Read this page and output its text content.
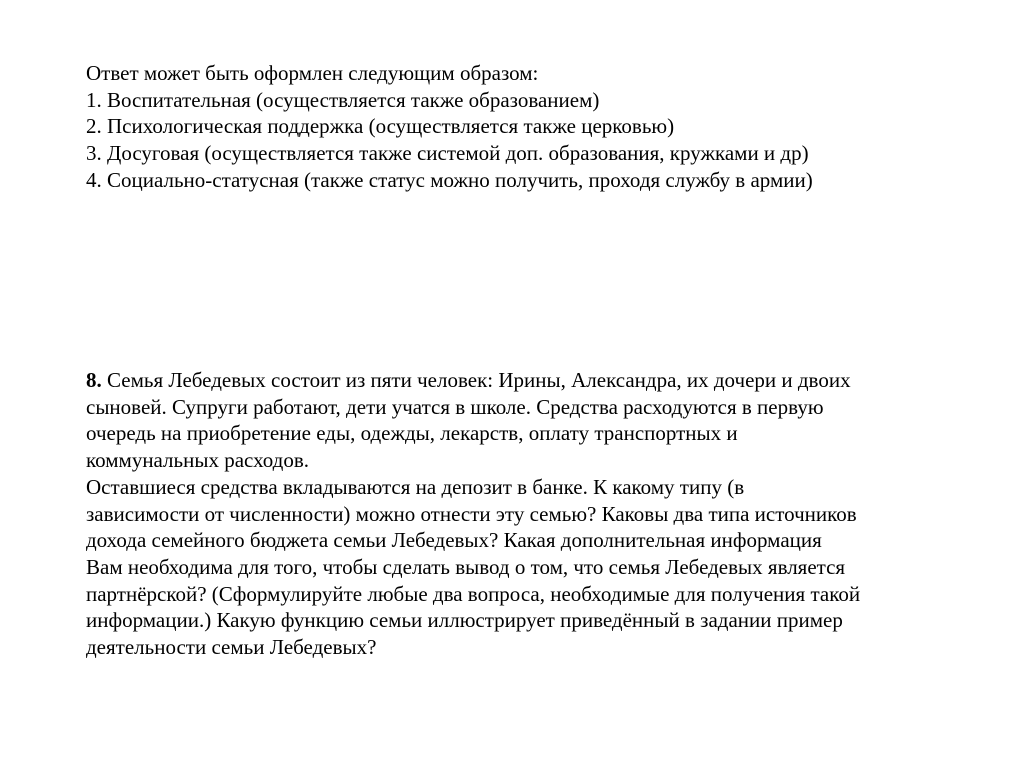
Ответ может быть оформлен следующим образом:
1. Воспитательная (осуществляется также образованием)
2. Психологическая поддержка (осуществляется также церковью)
3. Досуговая (осуществляется также системой доп. образования, кружками и др)
4. Социально-статусная (также статус можно получить, проходя службу в армии)
8. Семья Лебедевых состоит из пяти человек: Ирины, Александра, их дочери и двоих
сыновей. Супруги работают, дети учатся в школе. Средства расходуются в первую
очередь на приобретение еды, одежды, лекарств, оплату транспортных и
коммунальных расходов.
Оставшиеся средства вкладываются на депозит в банке. К какому типу (в
зависимости от численности) можно отнести эту семью? Каковы два типа источников
дохода семейного бюджета семьи Лебедевых? Какая дополнительная информация
Вам необходима для того, чтобы сделать вывод о том, что семья Лебедевых является
партнёрской? (Сформулируйте любые два вопроса, необходимые для получения такой
информации.) Какую функцию семьи иллюстрирует приведённый в задании пример
деятельности семьи Лебедевых?
